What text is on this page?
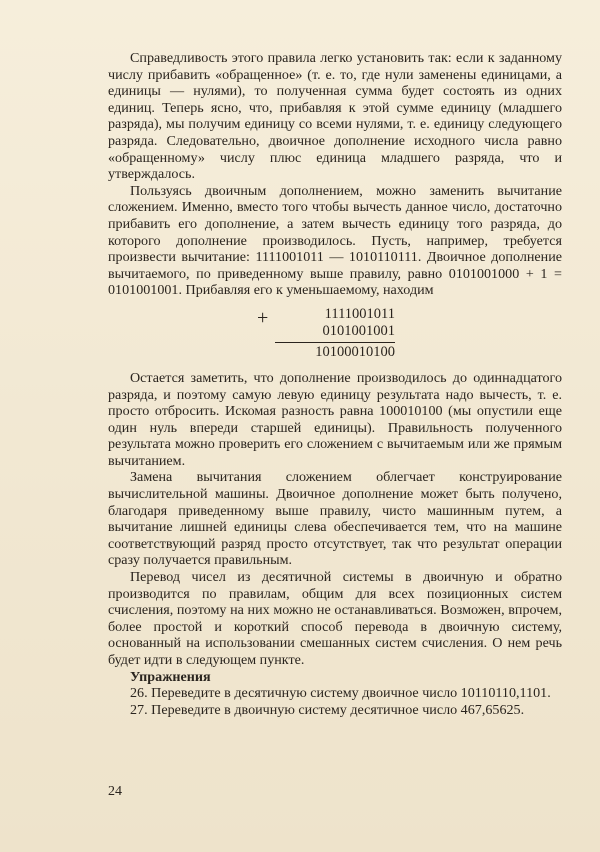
Справедливость этого правила легко установить так: если к заданному числу прибавить «обращенное» (т. е. то, где нули заменены единицами, а единицы — нулями), то полученная сумма будет состоять из одних единиц. Теперь ясно, что, прибавляя к этой сумме единицу (младшего разряда), мы получим единицу со всеми нулями, т. е. единицу следующего разряда. Следовательно, двоичное дополнение исходного числа равно «обращенному» числу плюс единица младшего разряда, что и утверждалось.

Пользуясь двоичным дополнением, можно заменить вычитание сложением. Именно, вместо того чтобы вычесть данное число, достаточно прибавить его дополнение, а затем вычесть единицу того разряда, до которого дополнение производилось. Пусть, например, требуется произвести вычитание: 1111001011 — 1010110111. Двоичное дополнение вычитаемого, по приведенному выше правилу, равно 0101001000 + 1 = 0101001001. Прибавляя его к уменьшаемому, находим

+	1111001011
0101001001
10100010100

Остается заметить, что дополнение производилось до одиннадцатого разряда, и поэтому самую левую единицу результата надо вычесть, т. е. просто отбросить. Искомая разность равна 100010100 (мы опустили еще один нуль впереди старшей единицы). Правильность полученного результата можно проверить его сложением с вычитаемым или же прямым вычитанием.

Замена вычитания сложением облегчает конструирование вычислительной машины. Двоичное дополнение может быть получено, благодаря приведенному выше правилу, чисто машинным путем, а вычитание лишней единицы слева обеспечивается тем, что на машине соответствующий разряд просто отсутствует, так что результат операции сразу получается правильным.

Перевод чисел из десятичной системы в двоичную и обратно производится по правилам, общим для всех позиционных систем счисления, поэтому на них можно не останавливаться. Возможен, впрочем, более простой и короткий способ перевода в двоичную систему, основанный на использовании смешанных систем счисления. О нем речь будет идти в следующем пункте.

Упражнения

26. Переведите в десятичную систему двоичное число 10110110,1101.

27. Переведите в двоичную систему десятичное число 467,65625.

24
